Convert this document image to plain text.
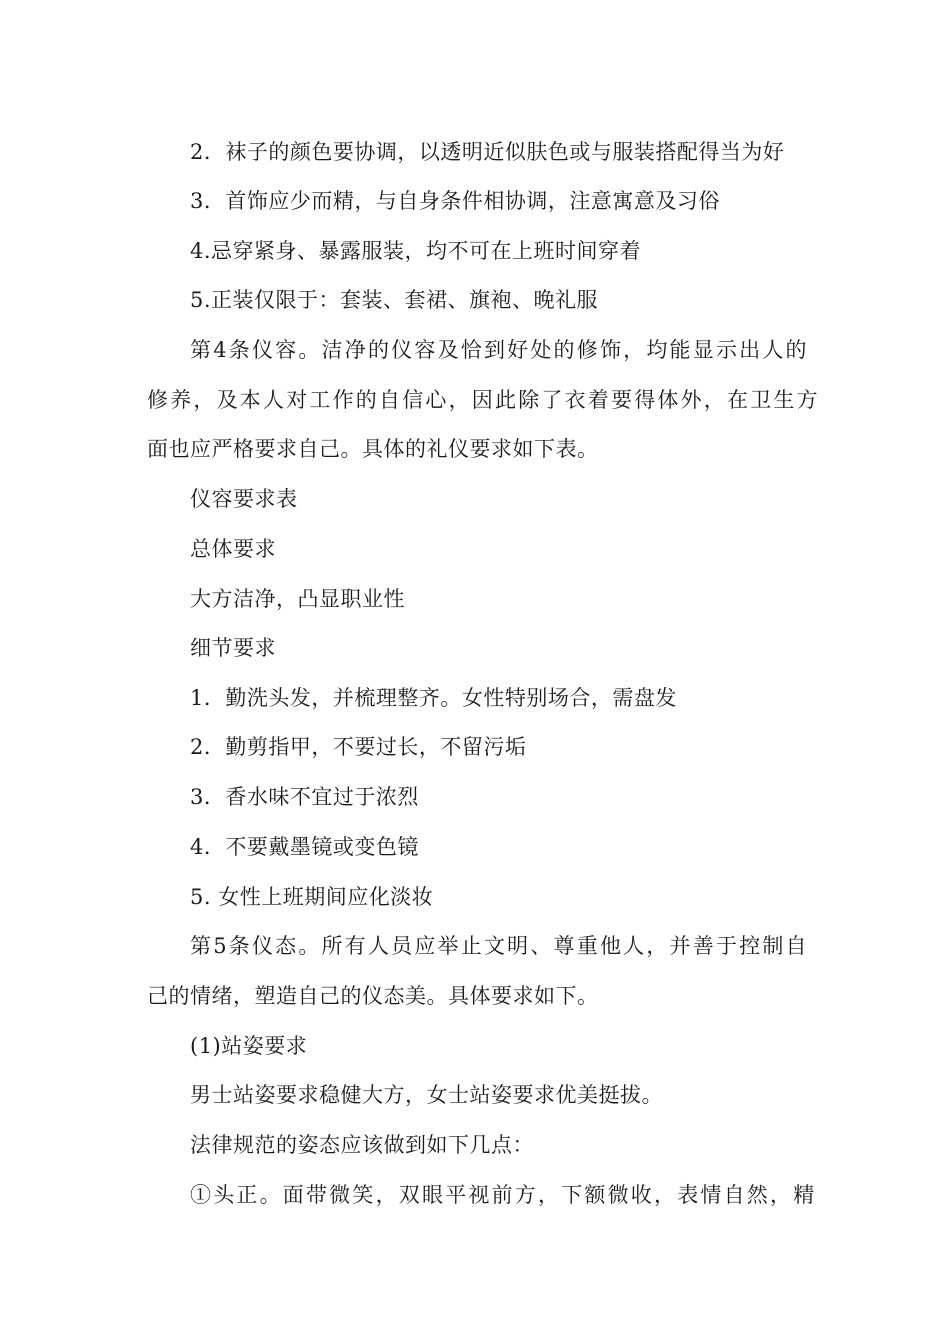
2．袜子的颜色要协调，以透明近似肤色或与服装搭配得当为好
3．首饰应少而精，与自身条件相协调，注意寓意及习俗
4.忌穿紧身、暴露服装，均不可在上班时间穿着
5.正装仅限于：套装、套裙、旗袍、晚礼服
第4条仪容。洁净的仪容及恰到好处的修饰，均能显示出人的
修养，及本人对工作的自信心，因此除了衣着要得体外，在卫生方
面也应严格要求自己。具体的礼仪要求如下表。
仪容要求表
总体要求
大方洁净，凸显职业性
细节要求
1．勤洗头发，并梳理整齐。女性特别场合，需盘发
2．勤剪指甲，不要过长，不留污垢
3．香水味不宜过于浓烈
4．不要戴墨镜或变色镜
5. 女性上班期间应化淡妆
第5条仪态。所有人员应举止文明、尊重他人，并善于控制自
己的情绪，塑造自己的仪态美。具体要求如下。
(1)站姿要求
男士站姿要求稳健大方，女士站姿要求优美挺拔。
法律规范的姿态应该做到如下几点：
①头正。面带微笑，双眼平视前方，下额微收，表情自然，精
